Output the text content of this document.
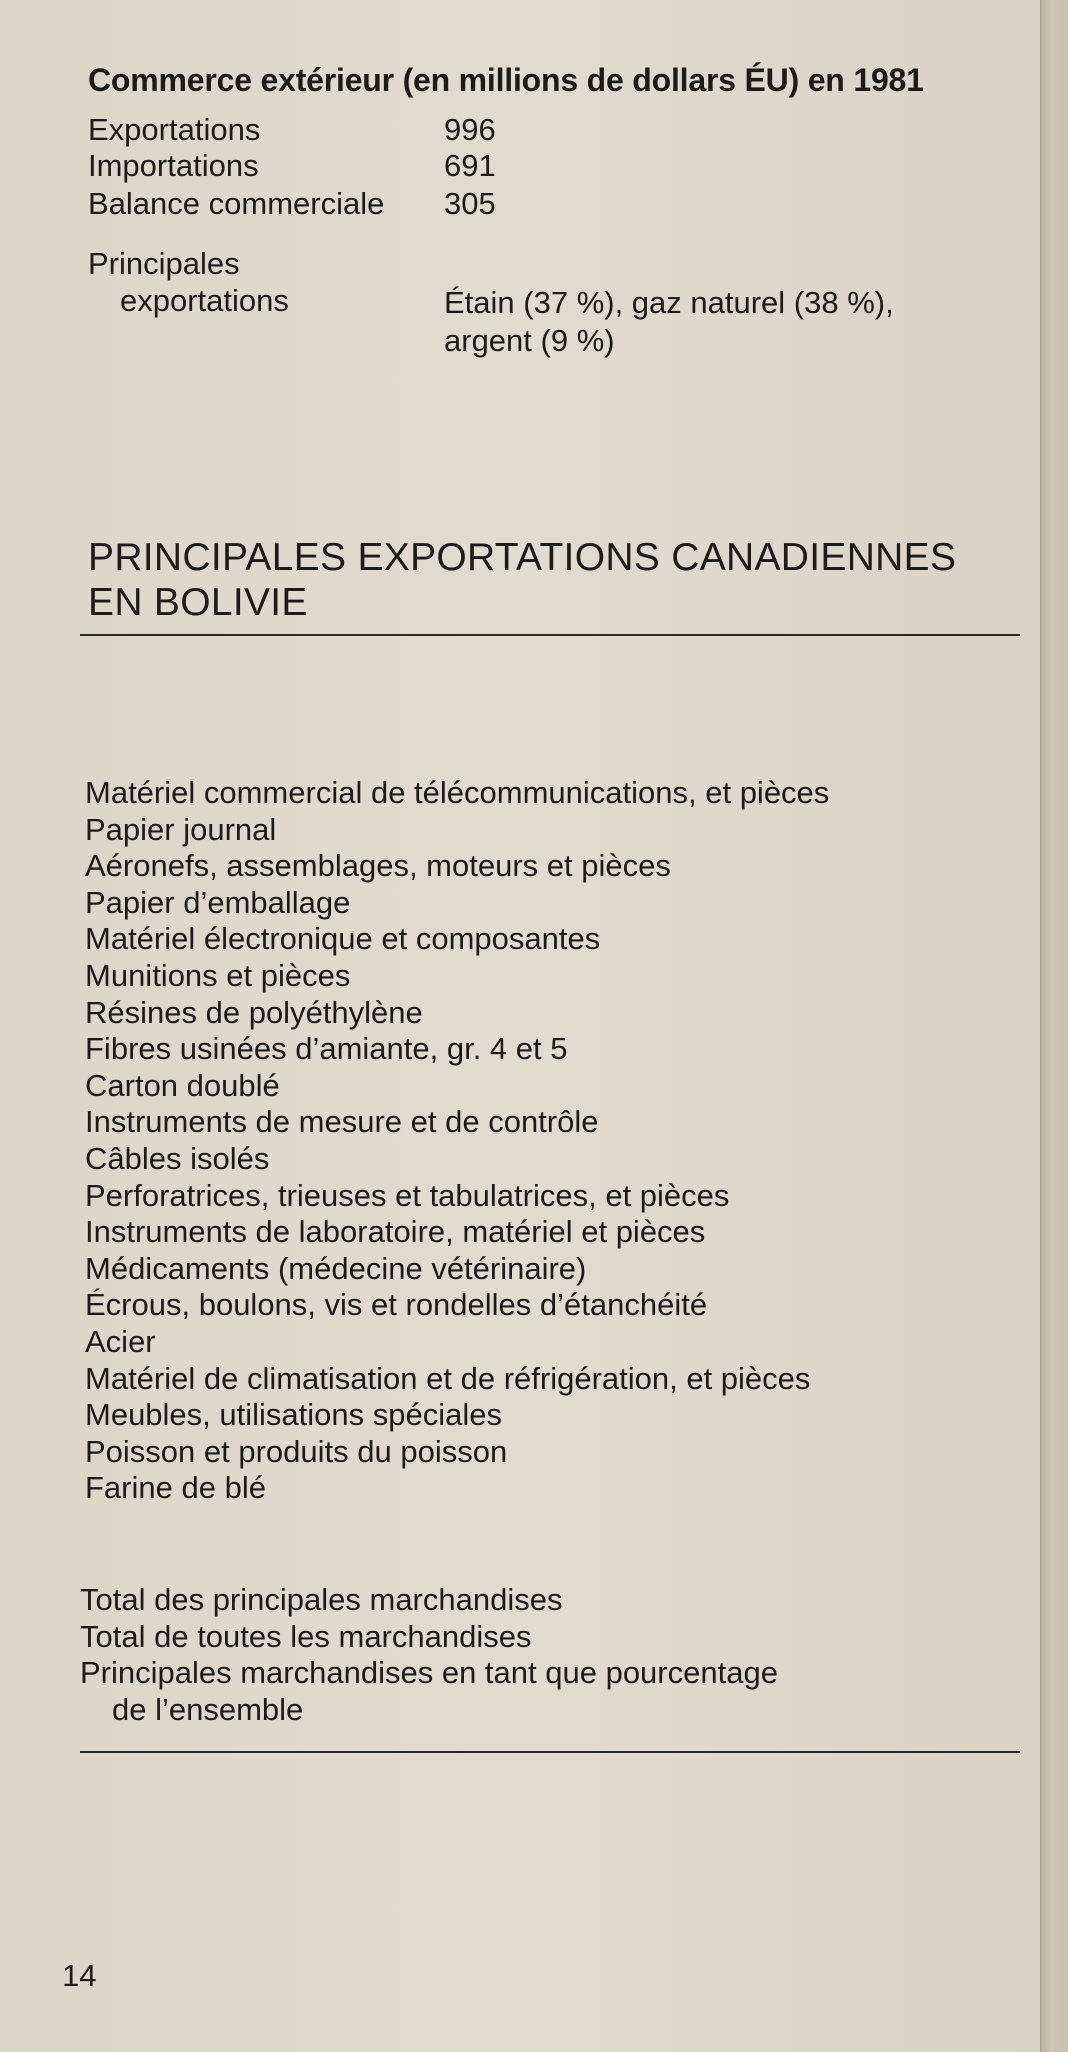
Commerce extérieur (en millions de dollars ÉU) en 1981
Exportations	996
Importations	691
Balance commerciale 305
Principales
exportations	Étain (37 %), gaz naturel (38 %),
argent (9 %)
PRINCIPALES EXPORTATIONS CANADIENNES
EN BOLIVIE
Matériel commercial de télécommunications, et pièces
Papier journal
Aéronefs, assemblages, moteurs et pièces
Papier d’emballage
Matériel électronique et composantes
Munitions et pièces
Résines de polyéthylène
Fibres usinées d’amiante, gr. 4 et 5
Carton doublé
Instruments de mesure et de contrôle
Câbles isolés
Perforatrices, trieuses et tabulatrices, et pièces
Instruments de laboratoire, matériel et pièces
Médicaments (médecine vétérinaire)
Écrous, boulons, vis et rondelles d’étanchéité
Acier
Matériel de climatisation et de réfrigération, et pièces
Meubles, utilisations spéciales
Poisson et produits du poisson
Farine de blé
Total des principales marchandises
Total de toutes les marchandises
Principales marchandises en tant que pourcentage
de l’ensemble
14
